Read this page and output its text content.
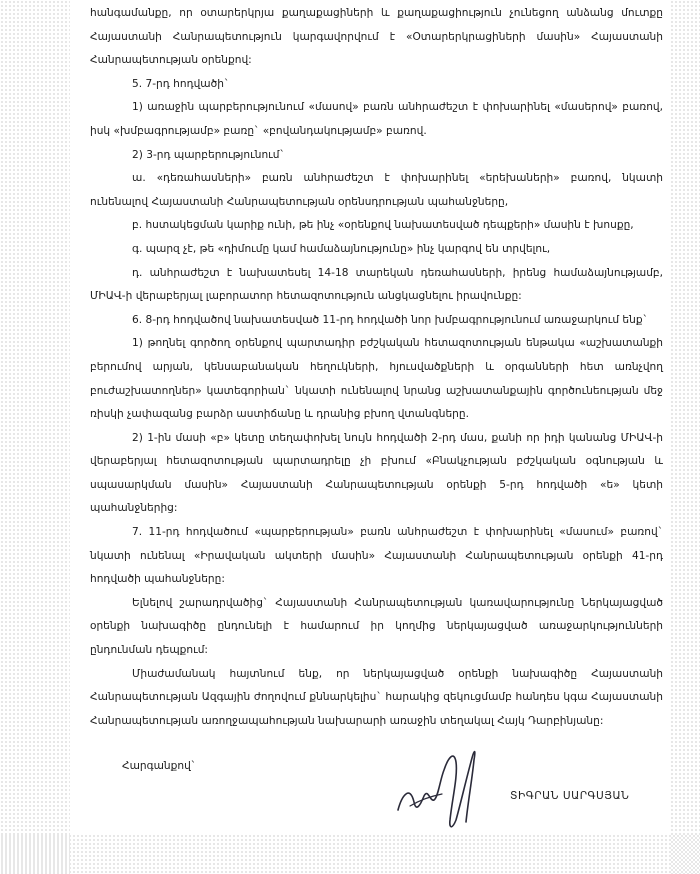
հանգամանքը, որ օտարերկրյա քաղաքացիների և քաղաքացիություն չունեցող անձանց մուտքը Հայաստանի Հանրապետություն կարգավորվում է «Օտարերկրացիների մասին» Հայաստանի Հանրապետության օրենքով:

5. 7-րդ հոդվածի`

1) առաջին պարբերությունում «մասով» բառն անհրաժեշտ է փոխարինել «մասերով» բառով, իսկ «խմբագրությամբ» բառը` «բովանդակությամբ» բառով.

2) 3-րդ պարբերությունում`

ա. «դեռահասների» բառն անհրաժեշտ է փոխարինել «երեխաների» բառով, նկատի ունենալով Հայաստանի Հանրապետության օրենսդրության պահանջները,

բ. հստակեցման կարիք ունի, թե ինչ «օրենքով նախատեսված դեպքերի» մասին է խոսքը,

գ. պարզ չէ, թե «դիմումը կամ համաձայնությունը» ինչ կարգով են տրվելու,

դ. անհրաժեշտ է նախատեսել 14-18 տարեկան դեռահասների, իրենց համաձայնությամբ, ՄԻԱՎ-ի վերաբերյալ լաբորատոր հետազոտություն անցկացնելու իրավունքը:

6. 8-րդ հոդվածով նախատեսված 11-րդ հոդվածի նոր խմբագրությունում առաջարկում ենք`

1) թողնել գործող օրենքով պարտադիր բժշկական հետազոտության ենթակա «աշխատանքի բերումով արյան, կենսաբանական հեղուկների, հյուսվածքների և օրգանների հետ առնչվող բուժաշխատողներ» կատեգորիան` նկատի ունենալով նրանց աշխատանքային գործունեության մեջ ռիսկի չափազանց բարձր աստիճանը և դրանից բխող վտանգները.

2) 1-ին մասի «բ» կետը տեղափոխել նույն հոդվածի 2-րդ մաս, քանի որ իդի կանանց ՄԻԱՎ-ի վերաբերյալ հետազոտության պարտադրելը չի բխում «Բնակչության բժշկական օգնության և սպասարկման մասին» Հայաստանի Հանրապետության օրենքի 5-րդ հոդվածի «ե» կետի պահանջներից:

7. 11-րդ հոդվածում «պարբերության» բառն անհրաժեշտ է փոխարինել «մասում» բառով` նկատի ունենալ «Իրավական ակտերի մասին» Հայաստանի Հանրապետության օրենքի 41-րդ հոդվածի պահանջները:

Ելնելով շարադրվածից` Հայաստանի Հանրապետության կառավարությունը Ներկայացված օրենքի նախագիծը ընդունելի է համարում իր կողմից ներկայացված առաջարկությունների ընդունման դեպքում:

Միաժամանակ հայտնում ենք, որ ներկայացված օրենքի նախագիծը Հայաստանի Հանրապետության Ազգային ժողովում քննարկելիս` հարակից զեկուցմամբ հանդես կգա Հայաստանի Հանրապետության առողջապահության նախարարի առաջին տեղակալ Հայկ Դարբինյանը:

Հարգանքով`
ՏԻԳՐԱՆ ՍԱՐԳՍՅԱՆ
